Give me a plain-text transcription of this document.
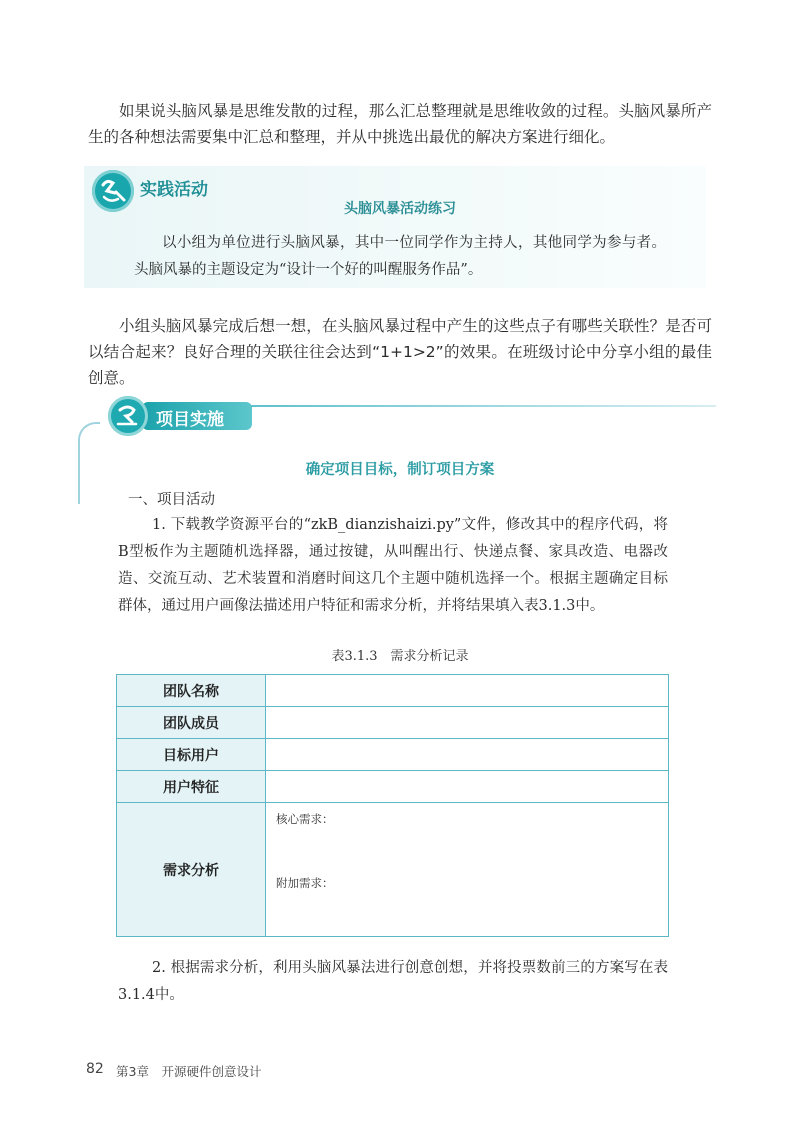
如果说头脑风暴是思维发散的过程，那么汇总整理就是思维收敛的过程。头脑风暴所产生的各种想法需要集中汇总和整理，并从中挑选出最优的解决方案进行细化。

实践活动
头脑风暴活动练习

以小组为单位进行头脑风暴，其中一位同学作为主持人，其他同学为参与者。头脑风暴的主题设定为“设计一个好的叫醒服务作品”。

小组头脑风暴完成后想一想，在头脑风暴过程中产生的这些点子有哪些关联性？是否可以结合起来？良好合理的关联往往会达到“1+1>2”的效果。在班级讨论中分享小组的最佳创意。

项目实施
确定项目目标，制订项目方案

一、项目活动

1. 下载教学资源平台的“zkB_dianzishaizi.py”文件，修改其中的程序代码，将B型板作为主题随机选择器，通过按键，从叫醒出行、快递点餐、家具改造、电器改造、交流互动、艺术装置和消磨时间这几个主题中随机选择一个。根据主题确定目标群体，通过用户画像法描述用户特征和需求分析，并将结果填入表3.1.3中。

表3.1.3　需求分析记录
团队名称	
团队成员	
目标用户	
用户特征	
需求分析	核心需求：
附加需求：

2. 根据需求分析，利用头脑风暴法进行创意创想，并将投票数前三的方案写在表3.1.4中。

82 第3章　开源硬件创意设计
